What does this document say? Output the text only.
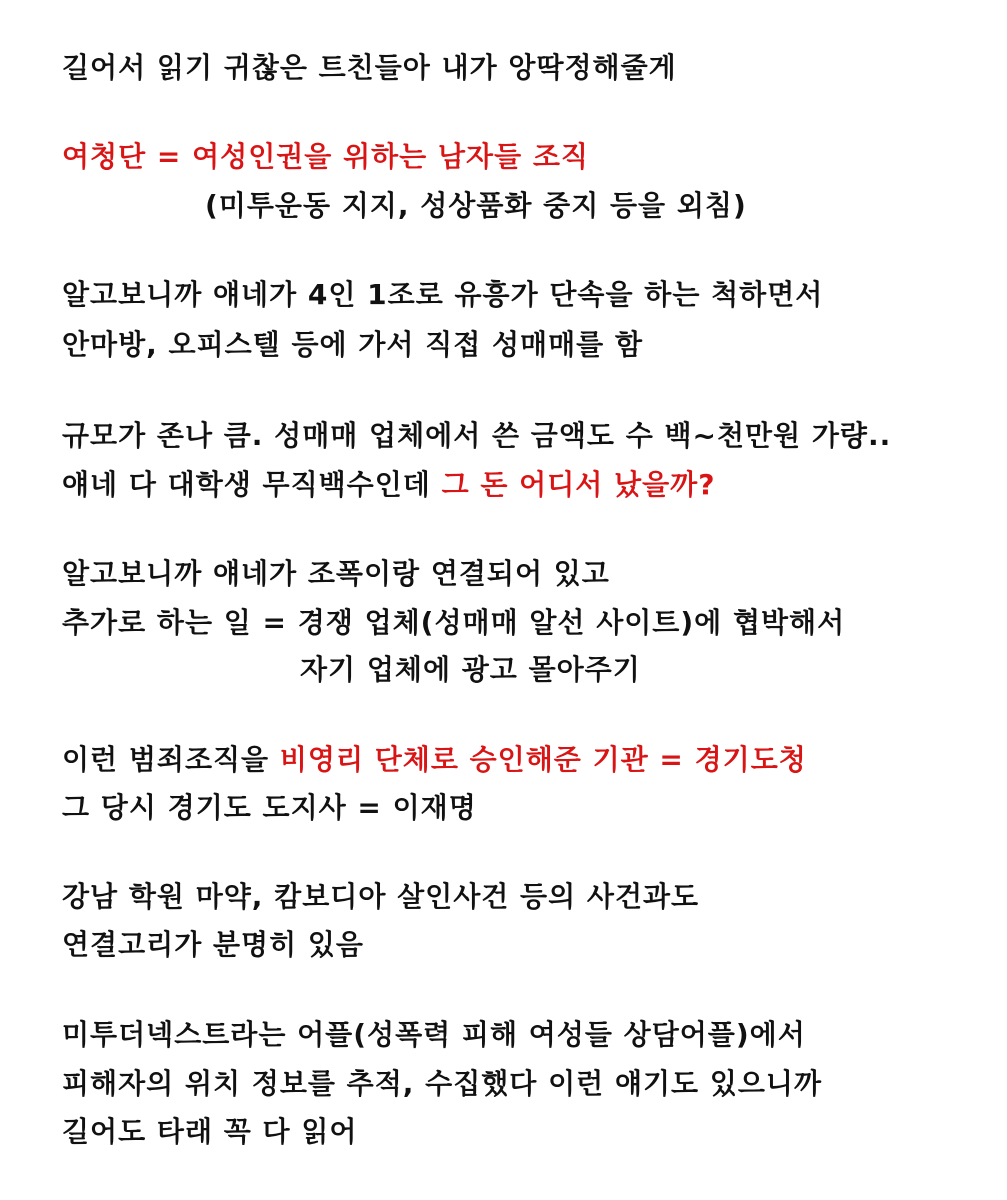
길어서 읽기 귀찮은 트친들아 내가 앙딱정해줄게
여청단 = 여성인권을 위하는 남자들 조직
(미투운동 지지, 성상품화 중지 등을 외침)
알고보니까 얘네가 4인 1조로 유흥가 단속을 하는 척하면서
안마방, 오피스텔 등에 가서 직접 성매매를 함
규모가 존나 큼. 성매매 업체에서 쓴 금액도 수 백~천만원 가량..
얘네 다 대학생 무직백수인데 그 돈 어디서 났을까?
알고보니까 얘네가 조폭이랑 연결되어 있고
추가로 하는 일 = 경쟁 업체(성매매 알선 사이트)에 협박해서
자기 업체에 광고 몰아주기
이런 범죄조직을 비영리 단체로 승인해준 기관 = 경기도청
그 당시 경기도 도지사 = 이재명
강남 학원 마약, 캄보디아 살인사건 등의 사건과도
연결고리가 분명히 있음
미투더넥스트라는 어플(성폭력 피해 여성들 상담어플)에서
피해자의 위치 정보를 추적, 수집했다 이런 얘기도 있으니까
길어도 타래 꼭 다 읽어
